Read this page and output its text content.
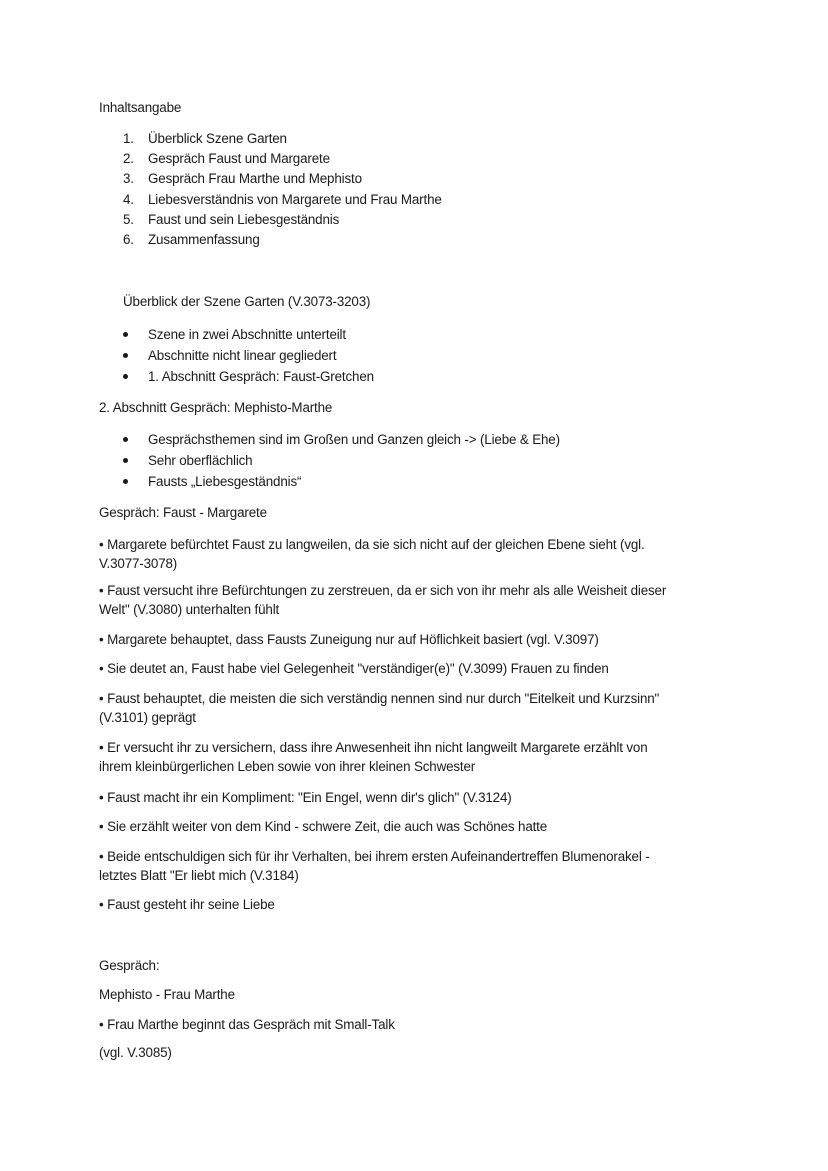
Inhaltsangabe
1. Überblick Szene Garten
2. Gespräch Faust und Margarete
3. Gespräch Frau Marthe und Mephisto
4. Liebesverständnis von Margarete und Frau Marthe
5. Faust und sein Liebesgeständnis
6. Zusammenfassung
Überblick der Szene Garten (V.3073-3203)
Szene in zwei Abschnitte unterteilt
Abschnitte nicht linear gegliedert
1. Abschnitt Gespräch: Faust-Gretchen
2. Abschnitt Gespräch: Mephisto-Marthe
Gesprächsthemen sind im Großen und Ganzen gleich -> (Liebe & Ehe)
Sehr oberflächlich
Fausts „Liebesgeständnis“
Gespräch: Faust - Margarete
• Margarete befürchtet Faust zu langweilen, da sie sich nicht auf der gleichen Ebene sieht (vgl.
V.3077-3078)
• Faust versucht ihre Befürchtungen zu zerstreuen, da er sich von ihr mehr als alle Weisheit dieser
Welt" (V.3080) unterhalten fühlt
• Margarete behauptet, dass Fausts Zuneigung nur auf Höflichkeit basiert (vgl. V.3097)
• Sie deutet an, Faust habe viel Gelegenheit "verständiger(e)" (V.3099) Frauen zu finden
• Faust behauptet, die meisten die sich verständig nennen sind nur durch "Eitelkeit und Kurzsinn"
(V.3101) geprägt
• Er versucht ihr zu versichern, dass ihre Anwesenheit ihn nicht langweilt Margarete erzählt von
ihrem kleinbürgerlichen Leben sowie von ihrer kleinen Schwester
• Faust macht ihr ein Kompliment: "Ein Engel, wenn dir's glich" (V.3124)
• Sie erzählt weiter von dem Kind - schwere Zeit, die auch was Schönes hatte
• Beide entschuldigen sich für ihr Verhalten, bei ihrem ersten Aufeinandertreffen Blumenorakel -
letztes Blatt "Er liebt mich (V.3184)
• Faust gesteht ihr seine Liebe
Gespräch:
Mephisto - Frau Marthe
• Frau Marthe beginnt das Gespräch mit Small-Talk
(vgl. V.3085)
